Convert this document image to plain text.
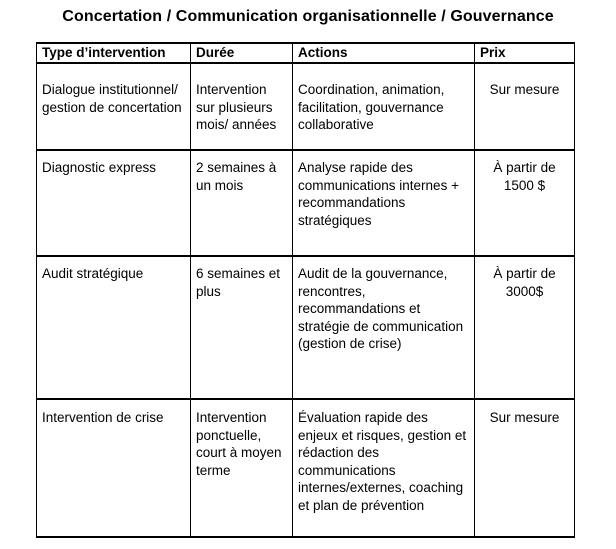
Concertation / Communication organisationnelle / Gouvernance
Type d’intervention	Durée	Actions	Prix
Dialogue institutionnel/ gestion de concertation	Intervention sur plusieurs mois/ années	Coordination, animation, facilitation, gouvernance collaborative	Sur mesure
Diagnostic express	2 semaines à un mois	Analyse rapide des communications internes + recommandations stratégiques	À partir de 1500 $
Audit stratégique	6 semaines et plus	Audit de la gouvernance, rencontres, recommandations et stratégie de communication (gestion de crise)	À partir de 3000$
Intervention de crise	Intervention ponctuelle, court à moyen terme	Évaluation rapide des enjeux et risques, gestion et rédaction des communications internes/externes, coaching et plan de prévention	Sur mesure
